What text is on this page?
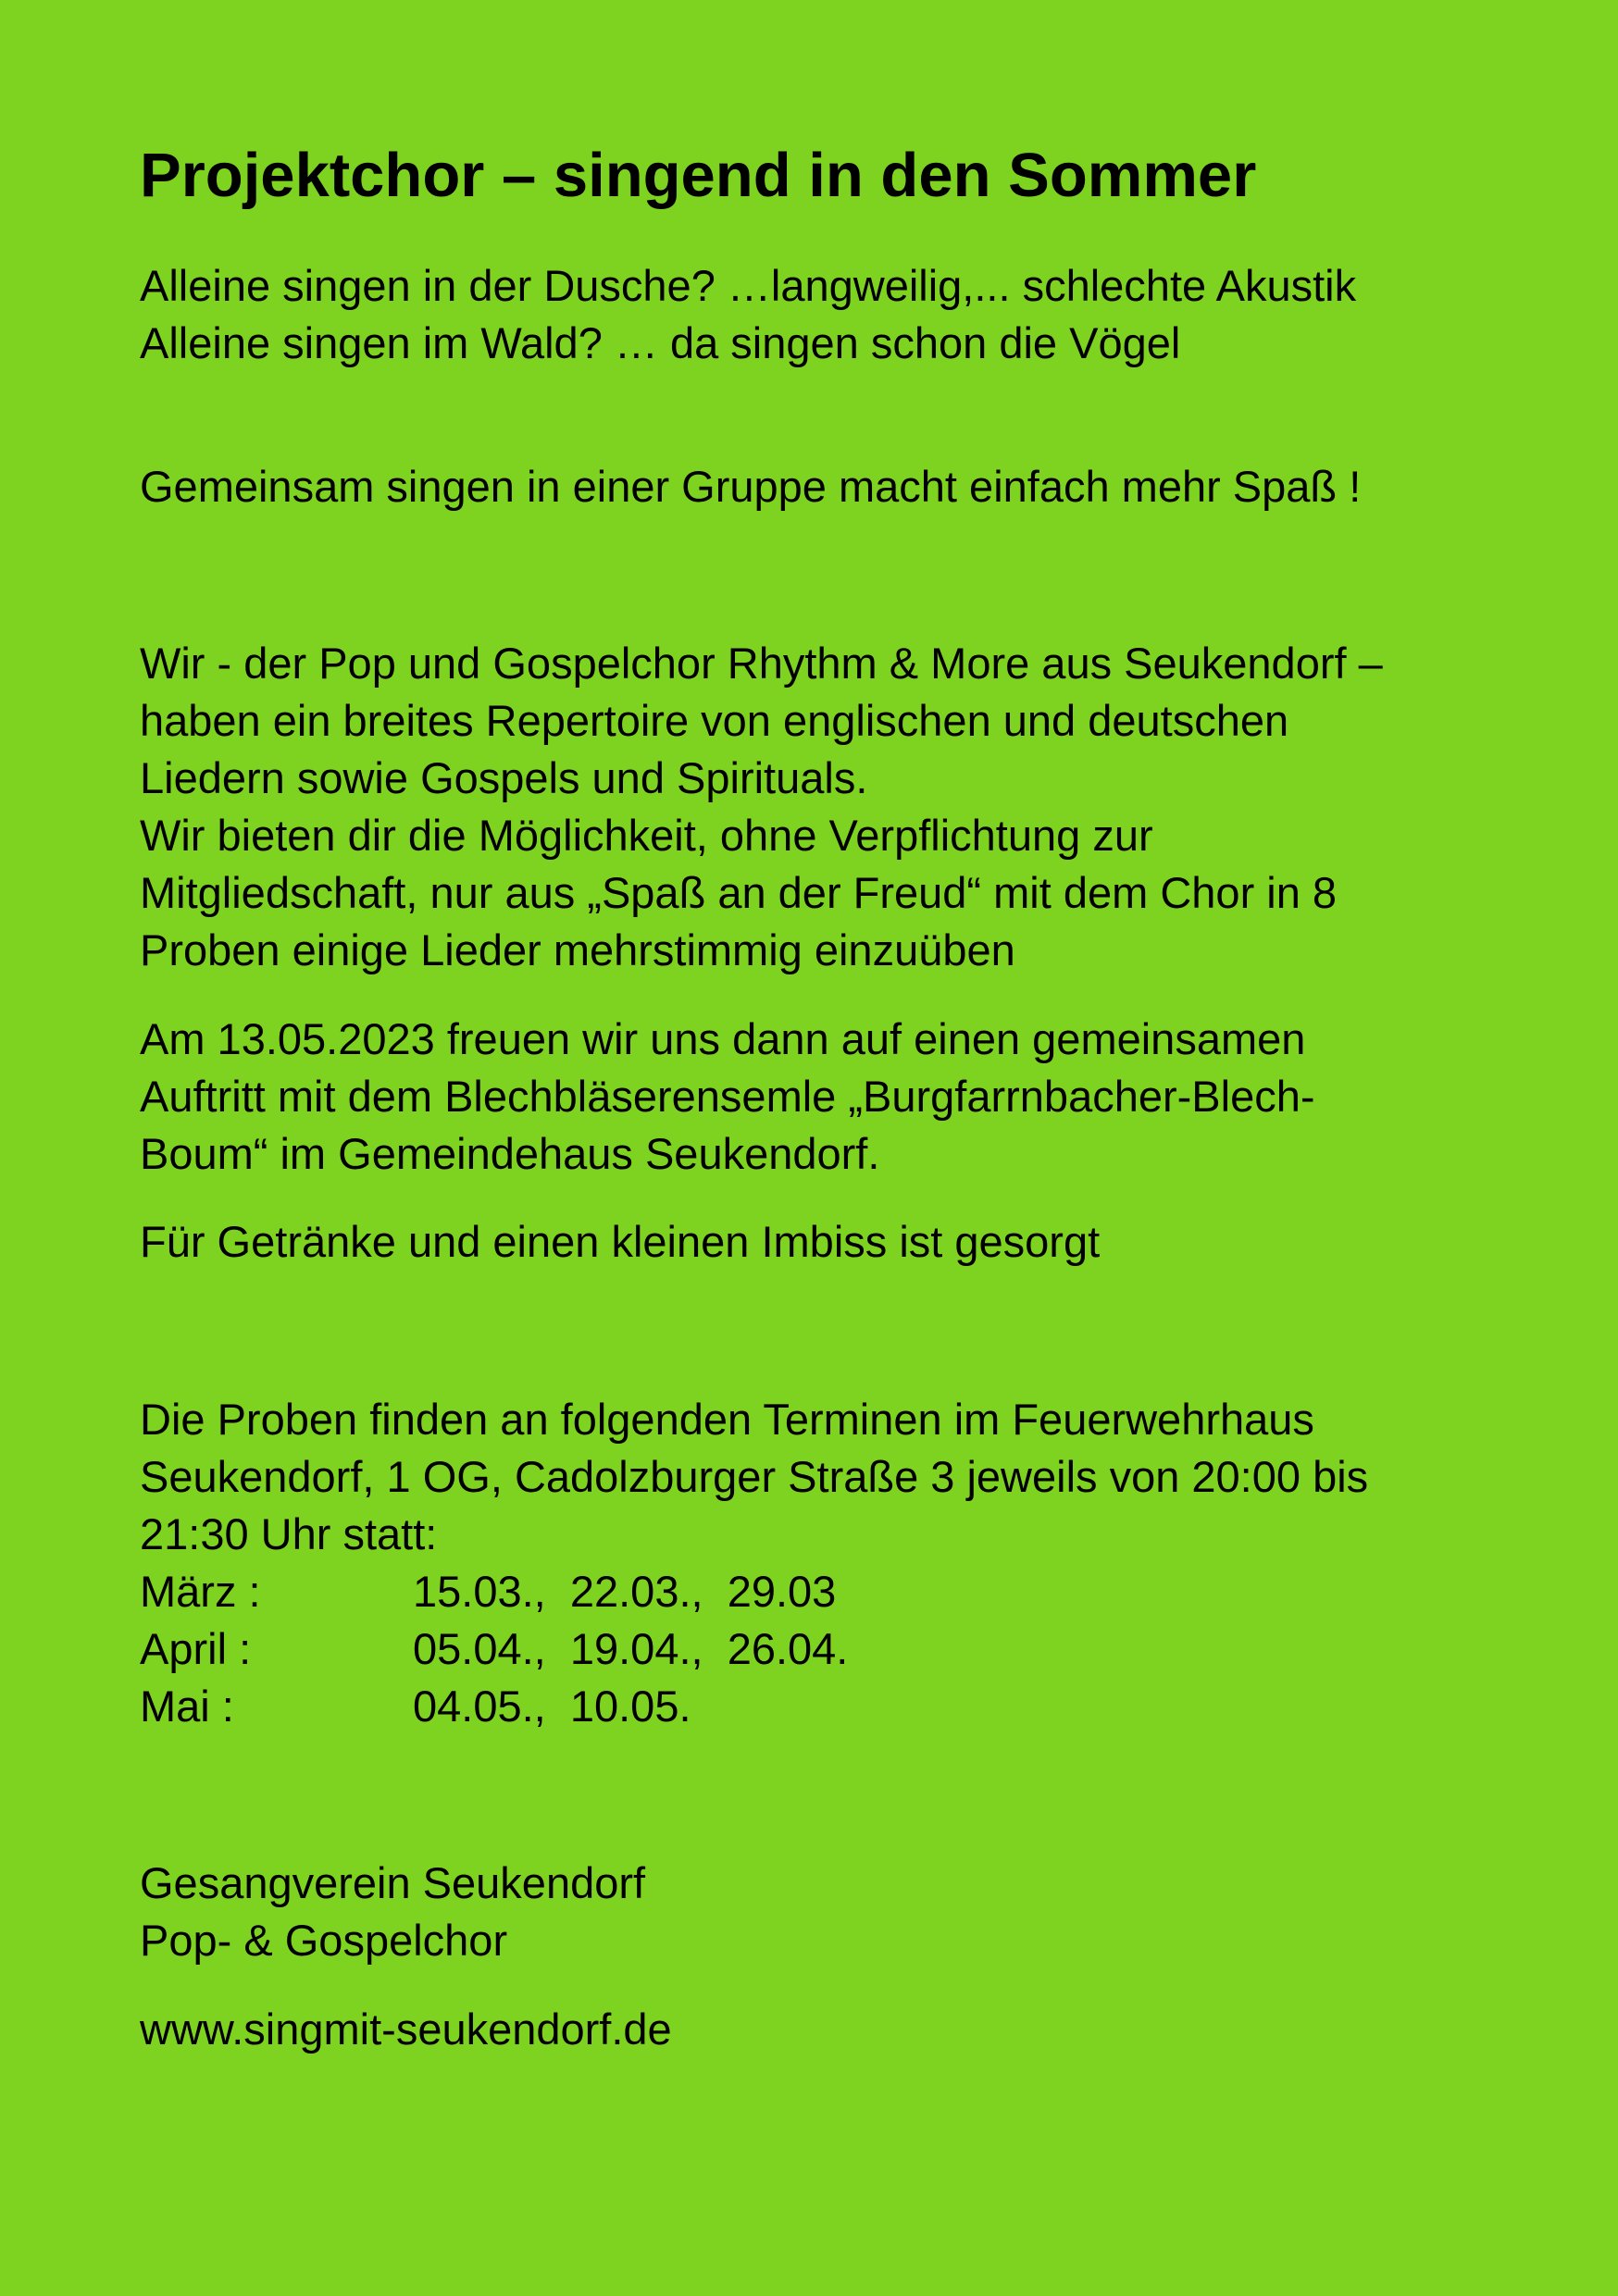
Projektchor – singend in den Sommer

Alleine singen in der Dusche? …langweilig,... schlechte Akustik

Alleine singen im Wald? … da singen schon die Vögel

Gemeinsam singen in einer Gruppe macht einfach mehr Spaß !

Wir - der Pop und Gospelchor Rhythm & More aus Seukendorf –

haben ein breites Repertoire von englischen und deutschen

Liedern sowie Gospels und Spirituals.

Wir bieten dir die Möglichkeit, ohne Verpflichtung zur

Mitgliedschaft, nur aus „Spaß an der Freud“ mit dem Chor in 8

Proben einige Lieder mehrstimmig einzuüben

Am 13.05.2023 freuen wir uns dann auf einen gemeinsamen

Auftritt mit dem Blechbläserensemle „Burgfarrnbacher-Blech-

Boum“ im Gemeindehaus Seukendorf.

Für Getränke und einen kleinen Imbiss ist gesorgt

Die Proben finden an folgenden Terminen im Feuerwehrhaus

Seukendorf, 1 OG, Cadolzburger Straße 3 jeweils von 20:00 bis

21:30 Uhr statt:

März :	15.03.,  22.03.,  29.03
April :	05.04.,  19.04.,  26.04.
Mai :	04.05.,  10.05.

Gesangverein Seukendorf

Pop- & Gospelchor

www.singmit-seukendorf.de
